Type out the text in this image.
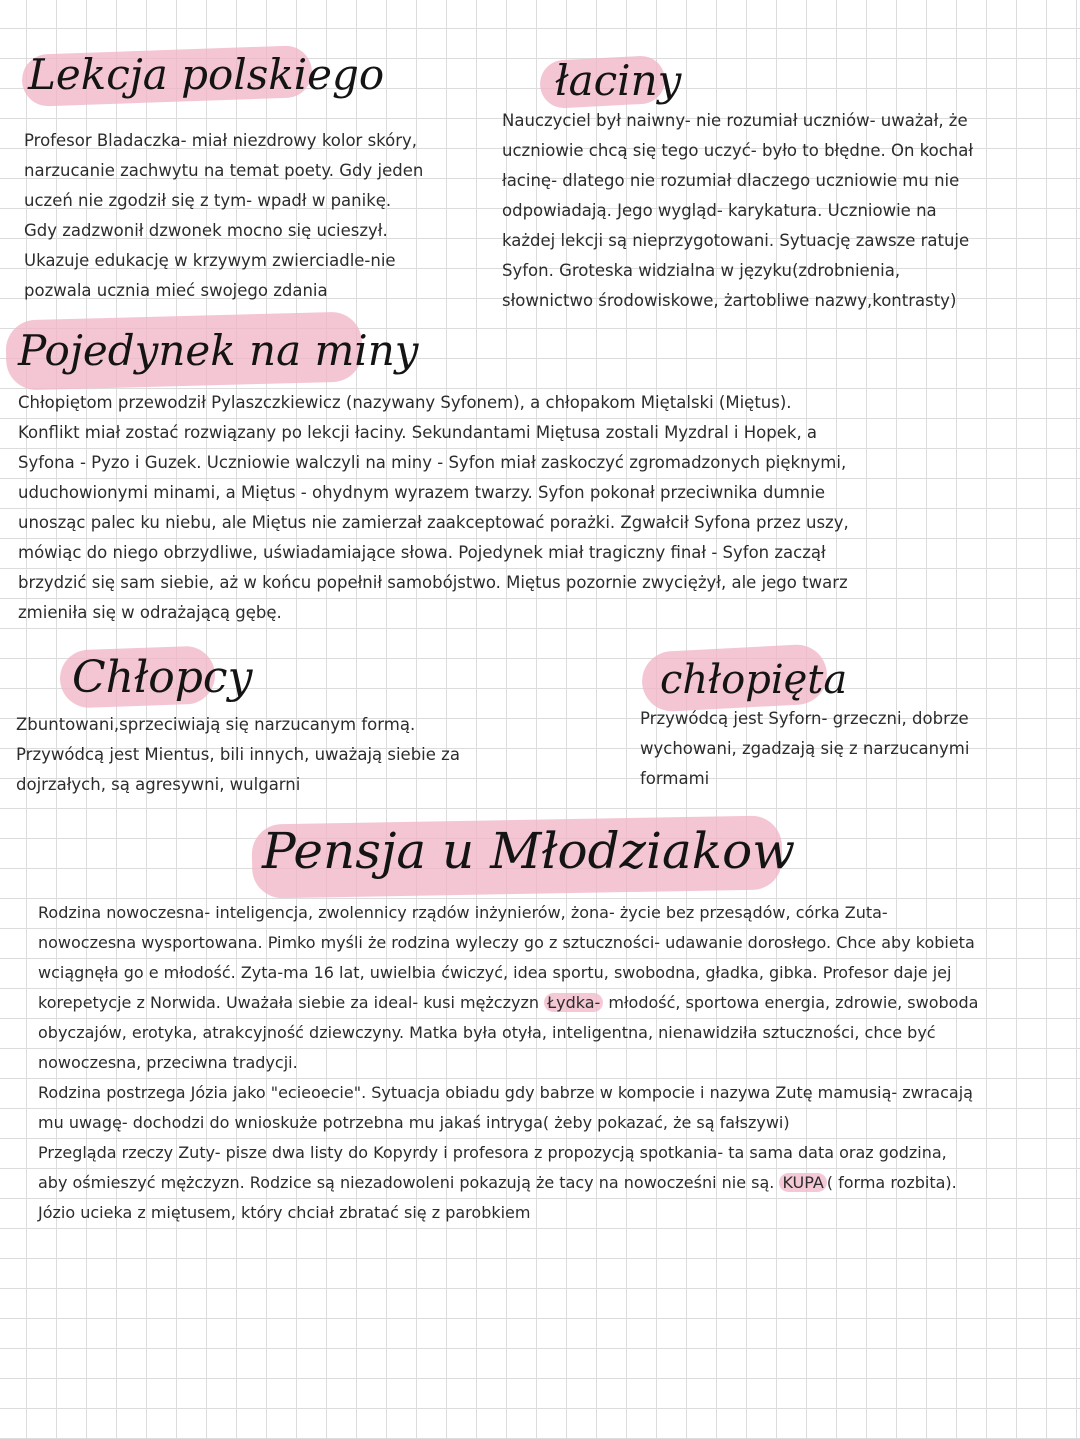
Lekcja polskiego
Profesor Bladaczka- miał niezdrowy kolor skóry,
narzucanie zachwytu na temat poety. Gdy jeden
uczeń nie zgodził się z tym- wpadł w panikę.
Gdy zadzwonił dzwonek mocno się ucieszył.
Ukazuje edukację w krzywym zwierciadle-nie
pozwala ucznia mieć swojego zdania
łaciny
Nauczyciel był naiwny- nie rozumiał uczniów- uważał, że
uczniowie chcą się tego uczyć- było to błędne. On kochał
łacinę- dlatego nie rozumiał dlaczego uczniowie mu nie
odpowiadają. Jego wygląd- karykatura. Uczniowie na
każdej lekcji są nieprzygotowani. Sytuację zawsze ratuje
Syfon. Groteska widzialna w języku(zdrobnienia,
słownictwo środowiskowe, żartobliwe nazwy,kontrasty)
Pojedynek na miny
Chłopiętom przewodził Pylaszczkiewicz (nazywany Syfonem), a chłopakom Miętalski (Miętus).
Konflikt miał zostać rozwiązany po lekcji łaciny. Sekundantami Miętusa zostali Myzdral i Hopek, a
Syfona - Pyzo i Guzek. Uczniowie walczyli na miny - Syfon miał zaskoczyć zgromadzonych pięknymi,
uduchowionymi minami, a Miętus - ohydnym wyrazem twarzy. Syfon pokonał przeciwnika dumnie
unosząc palec ku niebu, ale Miętus nie zamierzał zaakceptować porażki. Zgwałcił Syfona przez uszy,
mówiąc do niego obrzydliwe, uświadamiające słowa. Pojedynek miał tragiczny finał - Syfon zaczął
brzydzić się sam siebie, aż w końcu popełnił samobójstwo. Miętus pozornie zwyciężył, ale jego twarz
zmieniła się w odrażającą gębę.
Chłopcy
Zbuntowani,sprzeciwiają się narzucanym formą.
Przywódcą jest Mientus, bili innych, uważają siebie za
dojrzałych, są agresywni, wulgarni
chłopięta
Przywódcą jest Syforn- grzeczni, dobrze
wychowani, zgadzają się z narzucanymi
formami
Pensja u Młodziakow
Rodzina nowoczesna- inteligencja, zwolennicy rządów inżynierów, żona- życie bez przesądów, córka Zuta-
nowoczesna wysportowana. Pimko myśli że rodzina wyleczy go z sztuczności- udawanie dorosłego. Chce aby kobieta
wciągnęła go e młodość. Zyta-ma 16 lat, uwielbia ćwiczyć, idea sportu, swobodna, gładka, gibka. Profesor daje jej
korepetycje z Norwida. Uważała siebie za ideal- kusi mężczyzn Łydka- młodość, sportowa energia, zdrowie, swoboda
obyczajów, erotyka, atrakcyjność dziewczyny. Matka była otyła, inteligentna, nienawidziła sztuczności, chce być
nowoczesna, przeciwna tradycji.
Rodzina postrzega Józia jako "ecieoecie". Sytuacja obiadu gdy babrze w kompocie i nazywa Zutę mamusią- zwracają
mu uwagę- dochodzi do wnioskuże potrzebna mu jakaś intryga( żeby pokazać, że są fałszywi)
Przegląda rzeczy Zuty- pisze dwa listy do Kopyrdy i profesora z propozycją spotkania- ta sama data oraz godzina,
aby ośmieszyć mężczyzn. Rodzice są niezadowoleni pokazują że tacy na nowocześni nie są. KUPA ( forma rozbita).
Józio ucieka z miętusem, który chciał zbratać się z parobkiem
